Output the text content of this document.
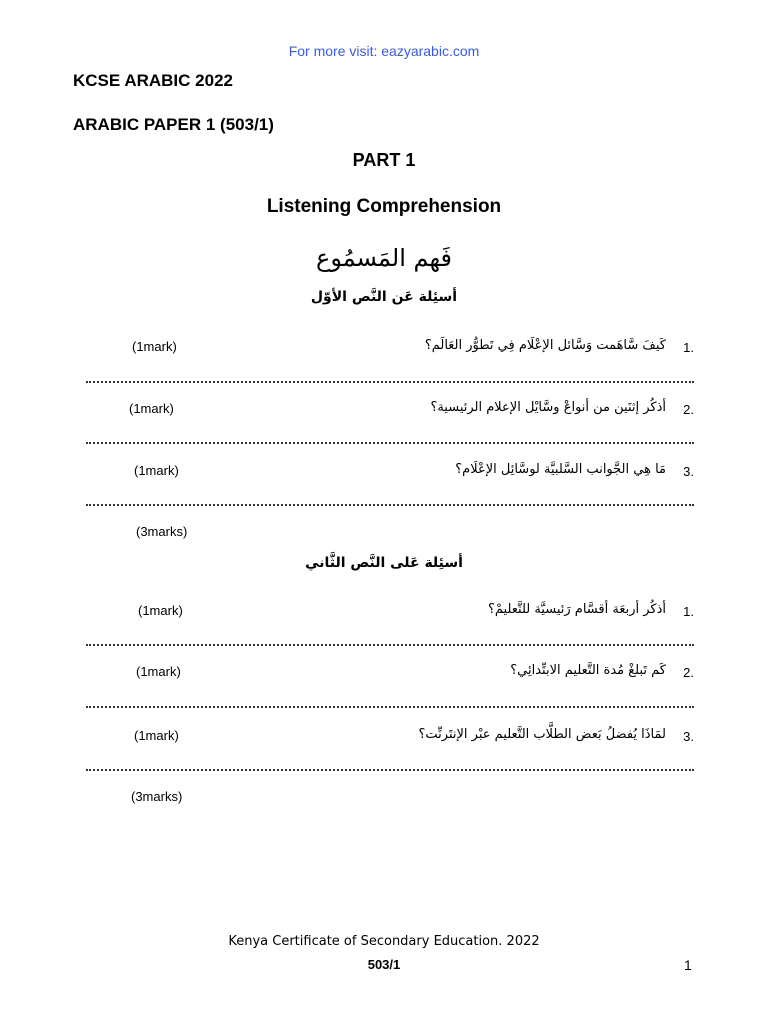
For more visit: eazyarabic.com
KCSE ARABIC 2022
ARABIC PAPER 1 (503/1)
PART 1
Listening Comprehension
فَهم المَسمُوع
أسئِلة عَن النَّص الأوّل
(1mark)	كَيفَ سَّاهَمت وَسَّائل الإعْلَام فِي تَطوُّر العَالَم؟ 1.
(1mark)	أذكُر إثنَين من أنواعْ وسَّايْل الإعلام الرئيسية؟ 2.
(1mark)	مَا هِي الجَّوانب السَّلبيَّة لوسَّائِل الإعْلَام؟ 3.
(3marks)
أسئِلة عَلى النَّص الثَّاني
(1mark)	أذكُر أربعَة أقسَّام رَئيسيَّة للتَّعليمْ؟ 1.
(1mark)	كَم تَبلغْ مُدة التَّعليم الابتِّدائِي؟ 2.
(1mark)	لمَاذَا يُفضلُ بَعض الطلَّاب التَّعليم عبْر الإنتَرنِّت؟ 3.
(3marks)
Kenya Certificate of Secondary Education. 2022
503/1	1
